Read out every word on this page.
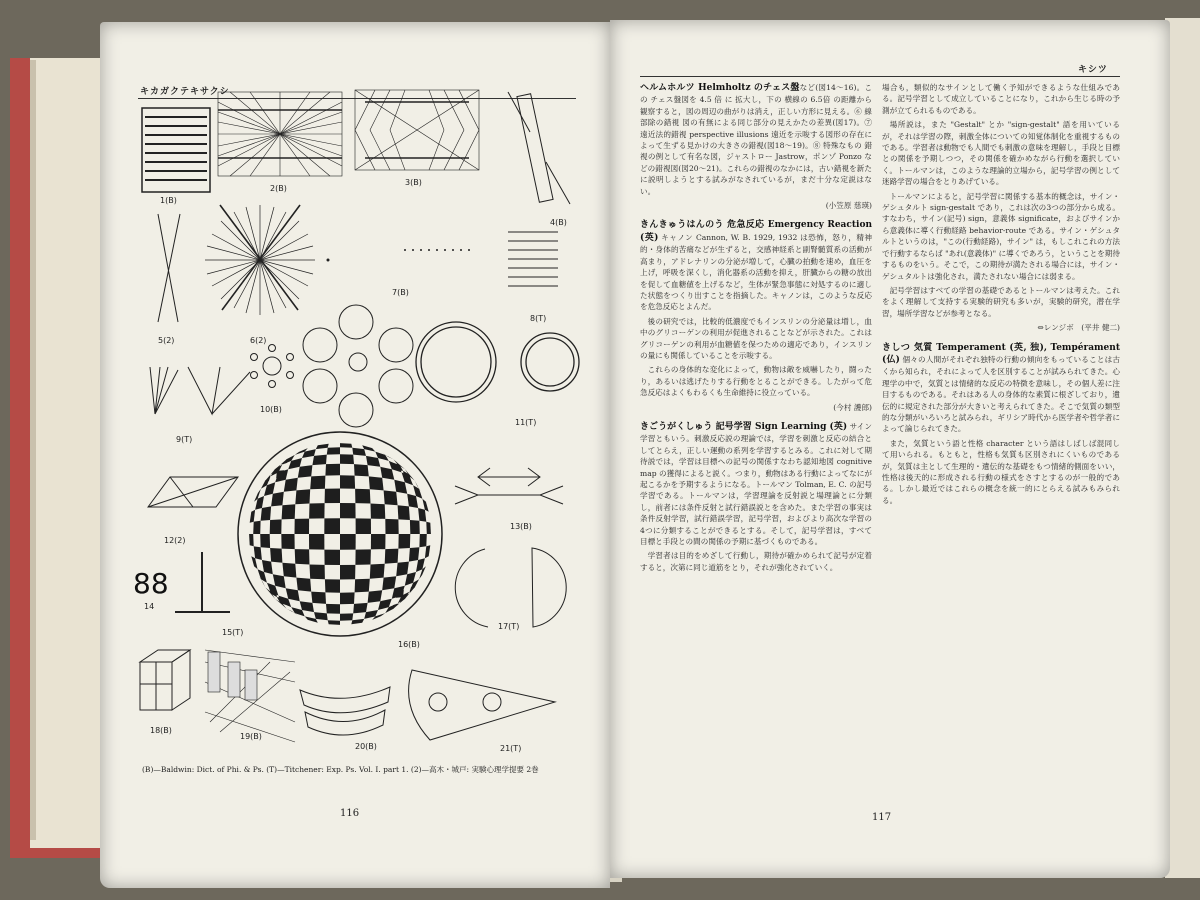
キカガクテキサクシ
88
1(B)
2(B)
3(B)
4(B)
5(2)	6(2)
7(B)
8(T)
9(T)
10(B)
11(T)
12(2)
13(B)
14
15(T)
16(B)
17(T)
18(B)
19(B)
20(B)	21(T)
(B)—Baldwin: Dict. of Phi. & Ps. (T)—Titchener: Exp. Ps. Vol. I. part 1. (2)—高木・城戸: 実験心理学提要 2巻
116
キシツ

ヘルムホルツ Helmholtz のチェス盤など(図14～16)。この チェス盤図を 4.5 倍 に 拡大し，下の 横線の 6.5倍 の距離から観察すると，図の周辺の曲がりは消え，正しい方形に見える。⑥ 線部除の錯視 図の有無による同じ部分の見えかたの差異(図17)。⑦ 遠近法的錯視 perspective illusions 遠近を示唆する図形の存在によって生ずる見かけの大きさの錯視(図18～19)。⑧ 特殊なもの 錯視の例として有名な図，ジャストロー Jastrow，ポンゾ Ponzo などの錯視図(図20～21)。これらの錯視のなかには，古い錯視を新たに説明しようとする試みがなされているが，まだ十分な定説はない。

(小笠原 慈瑛)

きんきゅうはんのう 危急反応 Emergency Reaction (英) キャノン Cannon, W. B. 1929, 1932 は恐怖，怒り，精神的・身体的苦痛などが生ずると，交感神経系と副腎髄質系の活動が高まり，アドレナリンの分泌が増して，心臓の拍動を速め，血圧を上げ，呼吸を深くし，消化器系の活動を抑え，肝臓からの糖の放出を促して血糖値を上げるなど，生体が緊急事態に対処するのに適した状態をつくり出すことを指摘した。キャノンは，このような反応を危急反応とよんだ。

後の研究では，比較的低濃度でもインスリンの分泌量は増し，血中のグリコーゲンの利用が促進されることなどが示された。これはグリコーゲンの利用が血糖値を保つための適応であり，インスリンの量にも関係していることを示唆する。

これらの身体的な変化によって，動物は敵を威嚇したり，闘ったり，あるいは逃げたりする行動をとることができる。したがって危急反応はよくもわるくも生命維持に役立っている。

(今村 護郎)

きごうがくしゅう 記号学習 Sign Learning (英) サイン学習ともいう。刺激反応説の理論では，学習を刺激と反応の結合としてとらえ，正しい運動の系列を学習するとみる。これに対して期待説では，学習は目標への記号の関係すなわち認知地図 cognitive map の獲得によると説く。つまり，動物はある行動によってなにが起こるかを予期するようになる。トールマン Tolman, E. C. の記号学習である。トールマンは，学習理論を反射説と場理論とに分類し，前者には条件反射と試行錯誤説とを含めた。また学習の事実は条件反射学習，試行錯誤学習，記号学習，およびより高次な学習の4つに分類することができるとする。そして，記号学習は，すべて目標と手段との間の関係の予期に基づくものである。

学習者は目的をめざして行動し，期待が確かめられて記号が定着すると，次第に同じ道筋をとり，それが強化されていく。

場合も，類似的なサインとして働く予知ができるような仕組みである。記号学習として成立していることになり，これから生じる時の予測が立てられるものである。

場所説は，また "Gestalt" とか "sign-gestalt" 語を用いているが，それは学習の際，刺激全体についての知覚体制化を重視するものである。学習者は動物でも人間でも刺激の意味を理解し，手段と目標との関係を予期しつつ，その関係を確かめながら行動を選択していく。トールマンは，このような理論的立場から，記号学習の例として迷路学習の場合をとりあげている。

トールマンによると，記号学習に関係する基本的概念は，サイン・ゲシュタルト sign-gestalt であり，これは次の3つの部分から成る。すなわち，サイン(記号) sign，意義体 significate，およびサインから意義体に導く行動経路 behavior-route である。サイン・ゲシュタルトというのは，"この(行動経路)，サイン" は，もしこれこれの方法で行動するならば "あれ(意義体)" に導くであろう，ということを期待するものをいう。そこで，この期待が満たされる場合には，サイン・ゲシュタルトは強化され，満たされない場合には弱まる。

記号学習はすべての学習の基礎であるとトールマンは考えた。これをよく理解して支持する実験的研究も多いが，実験的研究，潜在学習，場所学習などが参考となる。

⇔レンジボ　 (平井 健二)

きしつ 気質 Temperament (英, 独), Tempérament (仏) 個々の人間がそれぞれ独特の行動の傾向をもっていることは古くから知られ，それによって人を区別することが試みられてきた。心理学の中で，気質とは情緒的な反応の特徴を意味し，その個人差に注目するものである。それはある人の身体的な素質に根ざしており，遺伝的に規定された部分が大きいと考えられてきた。そこで気質の類型的な分類がいろいろと試みられ，ギリシア時代から医学者や哲学者によって論じられてきた。

また，気質という語と性格 character という語はしばしば混同して用いられる。もともと，性格も気質も区別されにくいものであるが，気質は主として生理的・遺伝的な基礎をもつ情緒的側面をいい，性格は後天的に形成される行動の様式をさすとするのが一般的である。しかし最近ではこれらの概念を統一的にとらえる試みもみられる。

117
